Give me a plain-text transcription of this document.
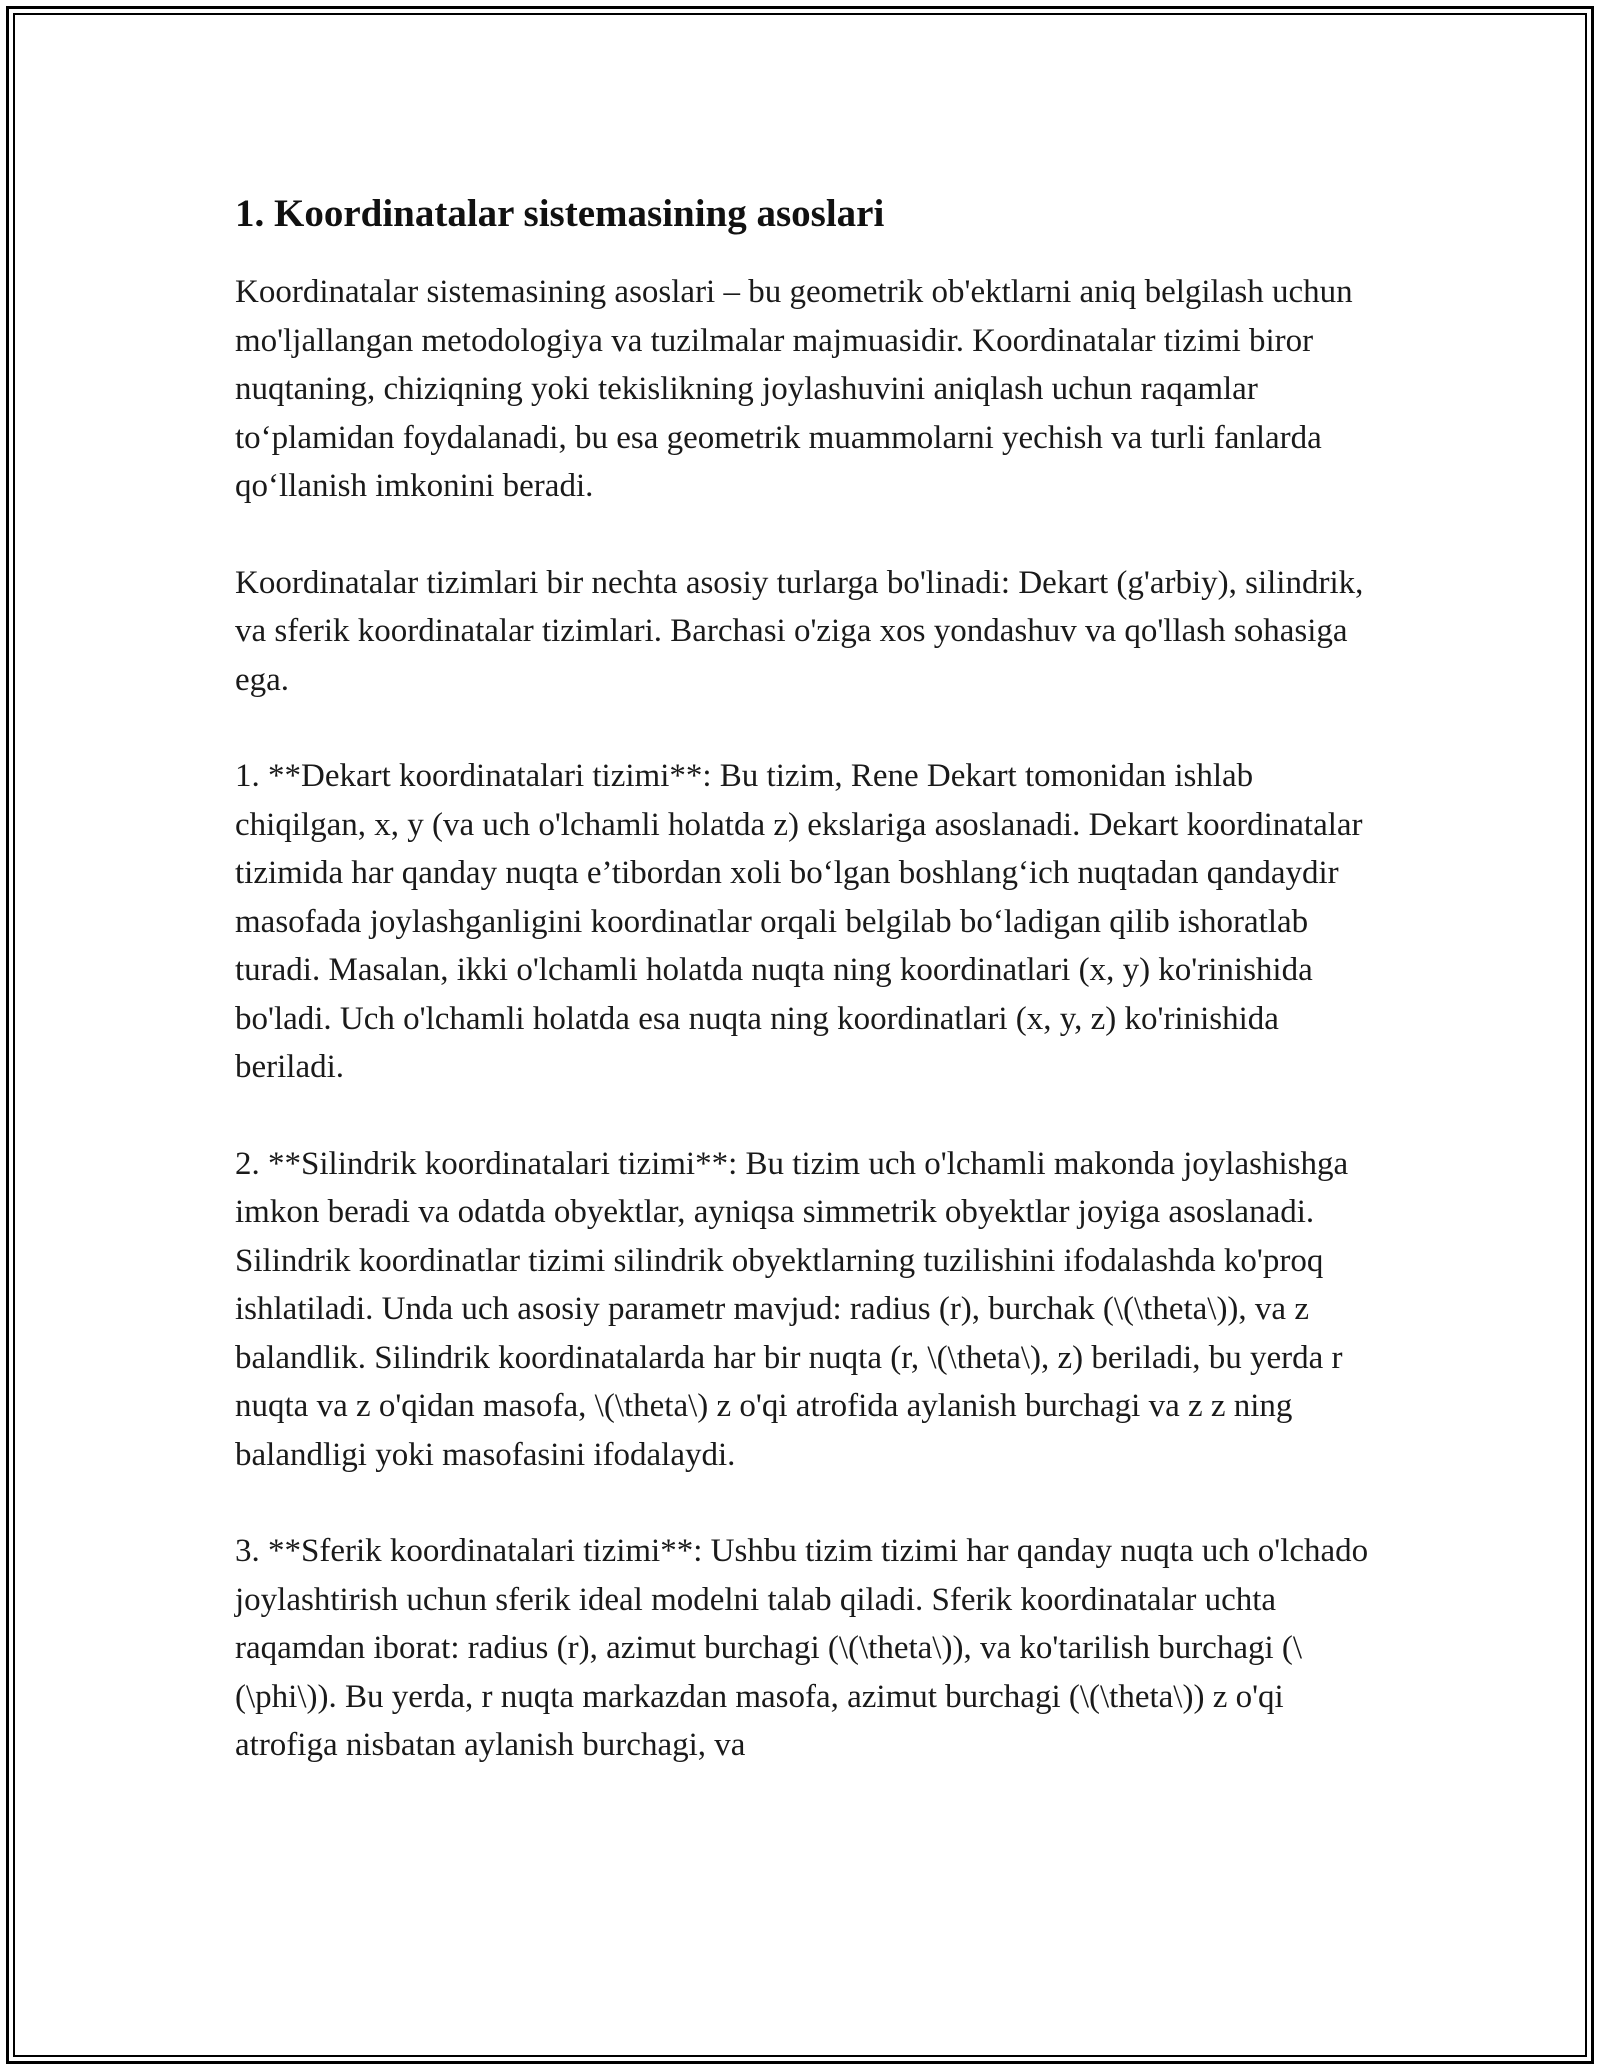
1. Koordinatalar sistemasining asoslari

Koordinatalar sistemasining asoslari – bu geometrik ob'ektlarni aniq belgilash uchun mo'ljallangan metodologiya va tuzilmalar majmuasidir. Koordinatalar tizimi biror nuqtaning, chiziqning yoki tekislikning joylashuvini aniqlash uchun raqamlar to‘plamidan foydalanadi, bu esa geometrik muammolarni yechish va turli fanlarda qo‘llanish imkonini beradi.

Koordinatalar tizimlari bir nechta asosiy turlarga bo'linadi: Dekart (g'arbiy), silindrik, va sferik koordinatalar tizimlari. Barchasi o'ziga xos yondashuv va qo'llash sohasiga ega.

1. **Dekart koordinatalari tizimi**: Bu tizim, Rene Dekart tomonidan ishlab chiqilgan, x, y (va uch o'lchamli holatda z) ekslariga asoslanadi. Dekart koordinatalar tizimida har qanday nuqta e’tibordan xoli bo‘lgan boshlang‘ich nuqtadan qandaydir masofada joylashganligini koordinatlar orqali belgilab bo‘ladigan qilib ishoratlab turadi. Masalan, ikki o'lchamli holatda nuqta ning koordinatlari (x, y) ko'rinishida bo'ladi. Uch o'lchamli holatda esa nuqta ning koordinatlari (x, y, z) ko'rinishida beriladi.

2. **Silindrik koordinatalari tizimi**: Bu tizim uch o'lchamli makonda joylashishga imkon beradi va odatda obyektlar, ayniqsa simmetrik obyektlar joyiga asoslanadi. Silindrik koordinatlar tizimi silindrik obyektlarning tuzilishini ifodalashda ko'proq ishlatiladi. Unda uch asosiy parametr mavjud: radius (r), burchak (\(\theta\)), va z balandlik. Silindrik koordinatalarda har bir nuqta (r, \(\theta\), z) beriladi, bu yerda r nuqta va z o'qidan masofa, \(\theta\) z o'qi atrofida aylanish burchagi va z z ning balandligi yoki masofasini ifodalaydi.

3. **Sferik koordinatalari tizimi**: Ushbu tizim tizimi har qanday nuqta uch o'lchado joylashtirish uchun sferik ideal modelni talab qiladi. Sferik koordinatalar uchta raqamdan iborat: radius (r), azimut burchagi (\(\theta\)), va ko'tarilish burchagi (\(\phi\)). Bu yerda, r nuqta markazdan masofa, azimut burchagi (\(\theta\)) z o'qi atrofiga nisbatan aylanish burchagi, va
